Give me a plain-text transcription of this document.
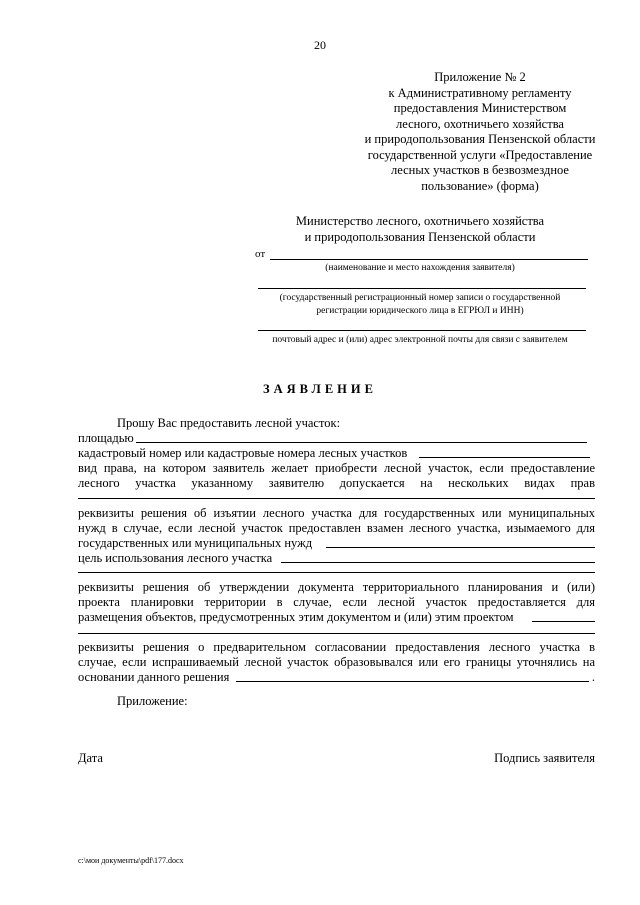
20
Приложение № 2
к Административному регламенту
предоставления Министерством
лесного, охотничьего хозяйства
и природопользования Пензенской области
государственной услуги «Предоставление
лесных участков в безвозмездное
пользование» (форма)
Министерство лесного, охотничьего хозяйства
и природопользования Пензенской области
от
(наименование и место нахождения заявителя)
(государственный регистрационный номер записи о государственной
регистрации юридического лица в ЕГРЮЛ и ИНН)
почтовый адрес и (или) адрес электронной почты для связи с заявителем
ЗАЯВЛЕНИЕ
Прошу Вас предоставить лесной участок:
площадью
кадастровый номер или кадастровые номера лесных участков
вид права, на котором заявитель желает приобрести лесной участок, если предоставление
лесного участка указанному заявителю допускается на нескольких видах прав
реквизиты решения об изъятии лесного участка для государственных или муниципальных
нужд в случае, если лесной участок предоставлен взамен лесного участка, изымаемого для
государственных или муниципальных нужд
цель использования лесного участка
реквизиты решения об утверждении документа территориального планирования и (или)
проекта планировки территории в случае, если лесной участок предоставляется для
размещения объектов, предусмотренных этим документом и (или) этим проектом
реквизиты решения о предварительном согласовании предоставления лесного участка в
случае, если испрашиваемый лесной участок образовывался или его границы уточнялись на
основании данного решения	.
Приложение:
Дата	Подпись заявителя
c:\мои документы\pdf\177.docx
